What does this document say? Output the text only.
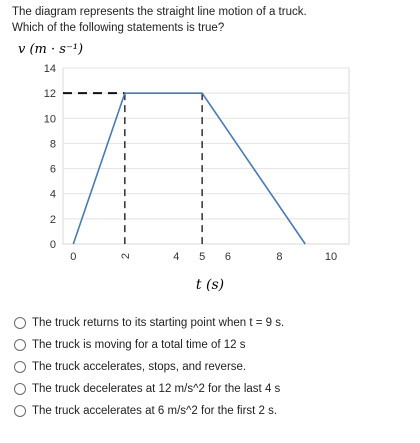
The diagram represents the straight line motion of a truck.
Which of the following statements is true?
v (m · s⁻¹)
0
2
4
6
8
10
12
14
0	2	4 5 6	8	10
t (s)
The truck returns to its starting point when t = 9 s.
The truck is moving for a total time of 12 s
The truck accelerates, stops, and reverse.
The truck decelerates at 12 m/s^2 for the last 4 s
The truck accelerates at 6 m/s^2 for the first 2 s.
